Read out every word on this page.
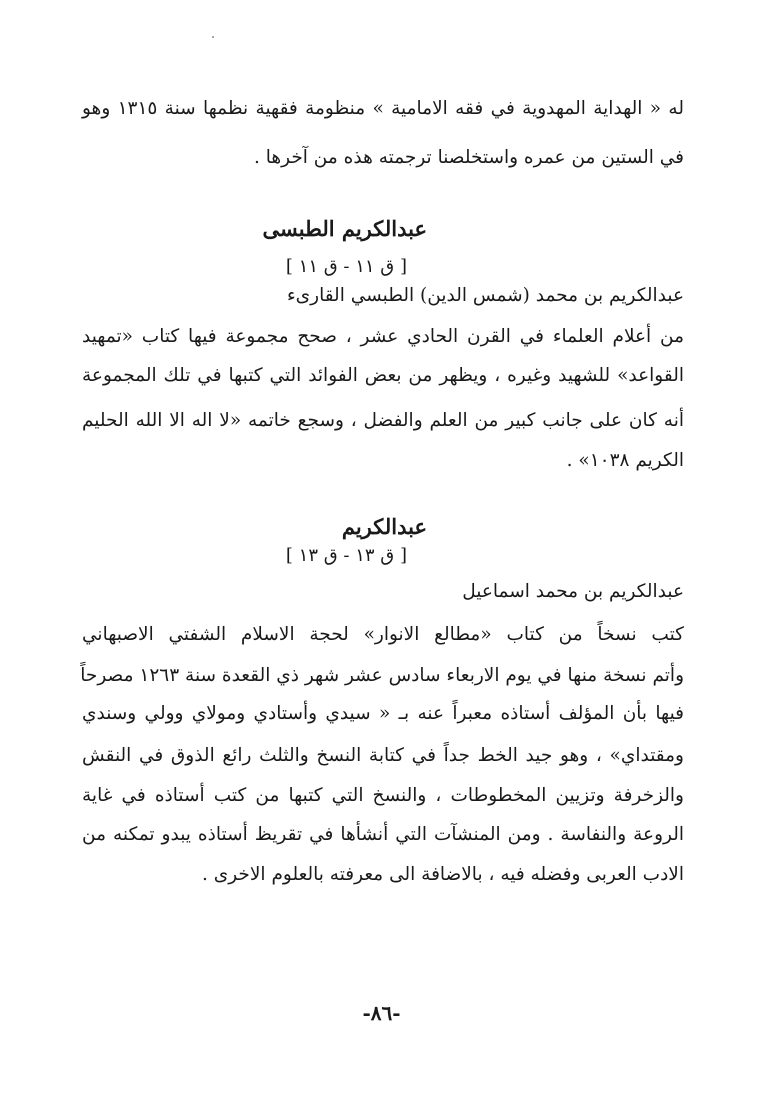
له « الهداية المهدوية في فقه الامامية » منظومة فقهية نظمها سنة ١٣١٥ وهو
في الستين من عمره واستخلصنا ترجمته هذه من آخرها .
عبدالكريم الطبسى
[ ق ١١ - ق ١١ ]
عبدالكريم بن محمد (شمس الدين) الطبسي القارىء
من أعلام العلماء في القرن الحادي عشر ، صحح مجموعة فيها كتاب «تمهيد
القواعد» للشهيد وغيره ، ويظهر من بعض الفوائد التي كتبها في تلك المجموعة
أنه كان على جانب كبير من العلم والفضل ، وسجع خاتمه «لا اله الا الله الحليم
الكريم ١٠٣٨» .
عبدالكريم
[ ق ١٣ - ق ١٣ ]
عبدالكريم بن محمد اسماعيل
كتب نسخاً من كتاب «مطالع الانوار» لحجة الاسلام الشفتي الاصبهاني
وأتم نسخة منها في يوم الاربعاء سادس عشر شهر ذي القعدة سنة ١٢٦٣ مصرحاً
فيها بأن المؤلف أستاذه معبراً عنه بـ « سيدي وأستادي ومولاي وولي وسندي
ومقتداي» ، وهو جيد الخط جداً في كتابة النسخ والثلث رائع الذوق في النقش
والزخرفة وتزيين المخطوطات ، والنسخ التي كتبها من كتب أستاذه في غاية
الروعة والنفاسة . ومن المنشآت التي أنشأها في تقريظ أستاذه يبدو تمكنه من
الادب العربى وفضله فيه ، بالاضافة الى معرفته بالعلوم الاخرى .
-٨٦-
